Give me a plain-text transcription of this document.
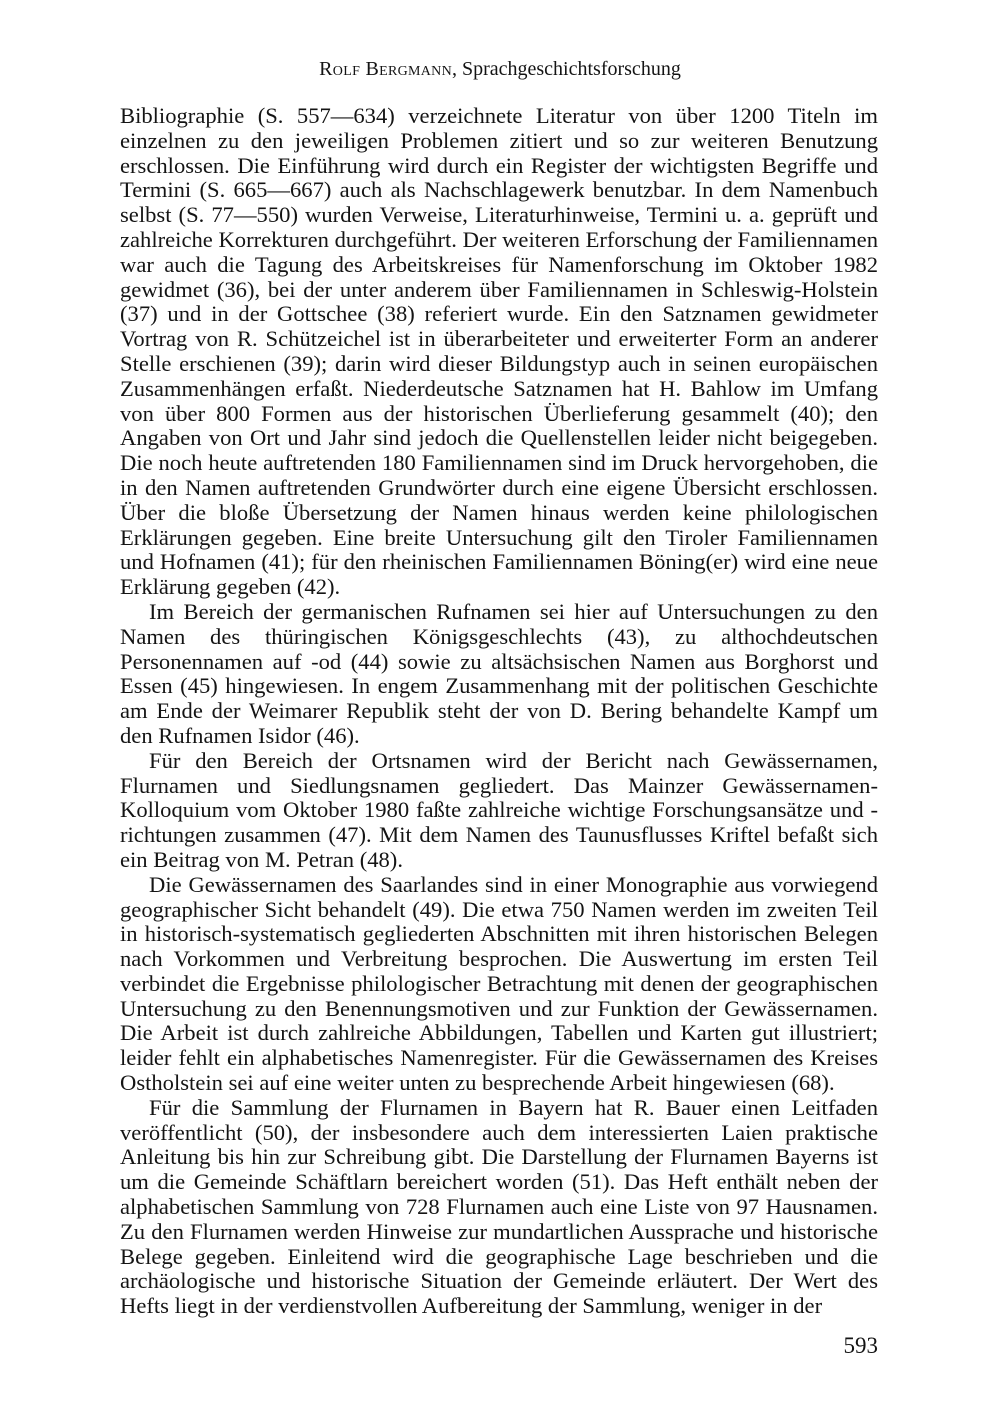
Rolf Bergmann, Sprachgeschichtsforschung

Bibliographie (S. 557—634) verzeichnete Literatur von über 1200 Titeln im einzelnen zu den jeweiligen Problemen zitiert und so zur weiteren Benutzung erschlossen. Die Einführung wird durch ein Register der wichtigsten Begriffe und Termini (S. 665—667) auch als Nachschlagewerk benutzbar. In dem Namenbuch selbst (S. 77—550) wurden Verweise, Literaturhinweise, Termini u. a. geprüft und zahlreiche Korrekturen durchgeführt. Der weiteren Erforschung der Familiennamen war auch die Tagung des Arbeitskreises für Namenforschung im Oktober 1982 gewidmet (36), bei der unter anderem über Familiennamen in Schleswig-Holstein (37) und in der Gottschee (38) referiert wurde. Ein den Satznamen gewidmeter Vortrag von R. Schützeichel ist in überarbeiteter und erweiterter Form an anderer Stelle erschienen (39); darin wird dieser Bildungstyp auch in seinen europäischen Zusammenhängen erfaßt. Niederdeutsche Satznamen hat H. Bahlow im Umfang von über 800 Formen aus der historischen Überlieferung gesammelt (40); den Angaben von Ort und Jahr sind jedoch die Quellenstellen leider nicht beigegeben. Die noch heute auftretenden 180 Familiennamen sind im Druck hervorgehoben, die in den Namen auftretenden Grundwörter durch eine eigene Übersicht erschlossen. Über die bloße Übersetzung der Namen hinaus werden keine philologischen Erklärungen gegeben. Eine breite Untersuchung gilt den Tiroler Familiennamen und Hofnamen (41); für den rheinischen Familiennamen Böning(er) wird eine neue Erklärung gegeben (42).

Im Bereich der germanischen Rufnamen sei hier auf Untersuchungen zu den Namen des thüringischen Königsgeschlechts (43), zu althochdeutschen Personennamen auf -od (44) sowie zu altsächsischen Namen aus Borghorst und Essen (45) hingewiesen. In engem Zusammenhang mit der politischen Geschichte am Ende der Weimarer Republik steht der von D. Bering behandelte Kampf um den Rufnamen Isidor (46).

Für den Bereich der Ortsnamen wird der Bericht nach Gewässernamen, Flurnamen und Siedlungsnamen gegliedert. Das Mainzer Gewässernamen-Kolloquium vom Oktober 1980 faßte zahlreiche wichtige Forschungsansätze und -richtungen zusammen (47). Mit dem Namen des Taunusflusses Kriftel befaßt sich ein Beitrag von M. Petran (48).

Die Gewässernamen des Saarlandes sind in einer Monographie aus vorwiegend geographischer Sicht behandelt (49). Die etwa 750 Namen werden im zweiten Teil in historisch-systematisch gegliederten Abschnitten mit ihren historischen Belegen nach Vorkommen und Verbreitung besprochen. Die Auswertung im ersten Teil verbindet die Ergebnisse philologischer Betrachtung mit denen der geographischen Untersuchung zu den Benennungsmotiven und zur Funktion der Gewässernamen. Die Arbeit ist durch zahlreiche Abbildungen, Tabellen und Karten gut illustriert; leider fehlt ein alphabetisches Namenregister. Für die Gewässernamen des Kreises Ostholstein sei auf eine weiter unten zu besprechende Arbeit hingewiesen (68).

Für die Sammlung der Flurnamen in Bayern hat R. Bauer einen Leitfaden veröffentlicht (50), der insbesondere auch dem interessierten Laien praktische Anleitung bis hin zur Schreibung gibt. Die Darstellung der Flurnamen Bayerns ist um die Gemeinde Schäftlarn bereichert worden (51). Das Heft enthält neben der alphabetischen Sammlung von 728 Flurnamen auch eine Liste von 97 Hausnamen. Zu den Flurnamen werden Hinweise zur mundartlichen Aussprache und historische Belege gegeben. Einleitend wird die geographische Lage beschrieben und die archäologische und historische Situation der Gemeinde erläutert. Der Wert des Hefts liegt in der verdienstvollen Aufbereitung der Sammlung, weniger in der

593
